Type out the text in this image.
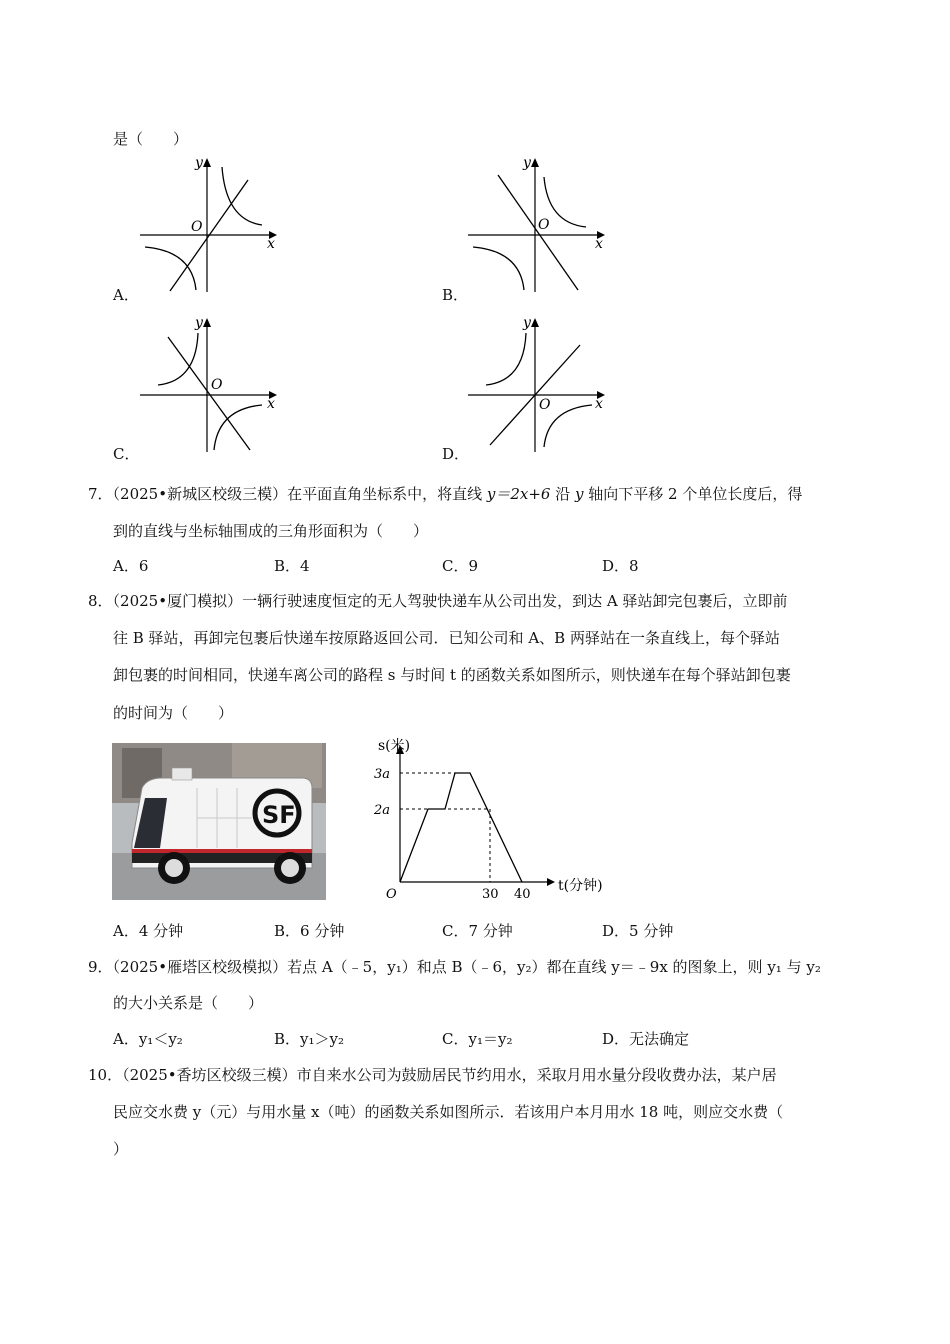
是（　　）
y
x
O
A．
y
x
O
B．
y
x
O
C．
y
x
O
D．
7．（2025•新城区校级三模）在平面直角坐标系中，将直线 y＝2x+6 沿 y 轴向下平移 2 个单位长度后，得
到的直线与坐标轴围成的三角形面积为（　　）
A．6	B．4	C．9	D．8
8．（2025•厦门模拟）一辆行驶速度恒定的无人驾驶快递车从公司出发，到达 A 驿站卸完包裹后，立即前
往 B 驿站，再卸完包裹后快递车按原路返回公司．已知公司和 A、B 两驿站在一条直线上，每个驿站
卸包裹的时间相同，快递车离公司的路程 s 与时间 t 的函数关系如图所示，则快递车在每个驿站卸包裹
的时间为（　　）
SF
s(米)
t(分钟)
3a
2a
30 40
O
A．4 分钟	B．6 分钟	C．7 分钟	D．5 分钟
9．（2025•雁塔区校级模拟）若点 A（﹣5，y₁）和点 B（﹣6，y₂）都在直线 y＝﹣9x 的图象上，则 y₁ 与 y₂
的大小关系是（　　）
A．y₁＜y₂	B．y₁＞y₂	C．y₁＝y₂	D．无法确定
10．（2025•香坊区校级三模）市自来水公司为鼓励居民节约用水，采取月用水量分段收费办法，某户居
民应交水费 y（元）与用水量 x（吨）的函数关系如图所示．若该用户本月用水 18 吨，则应交水费（
）
